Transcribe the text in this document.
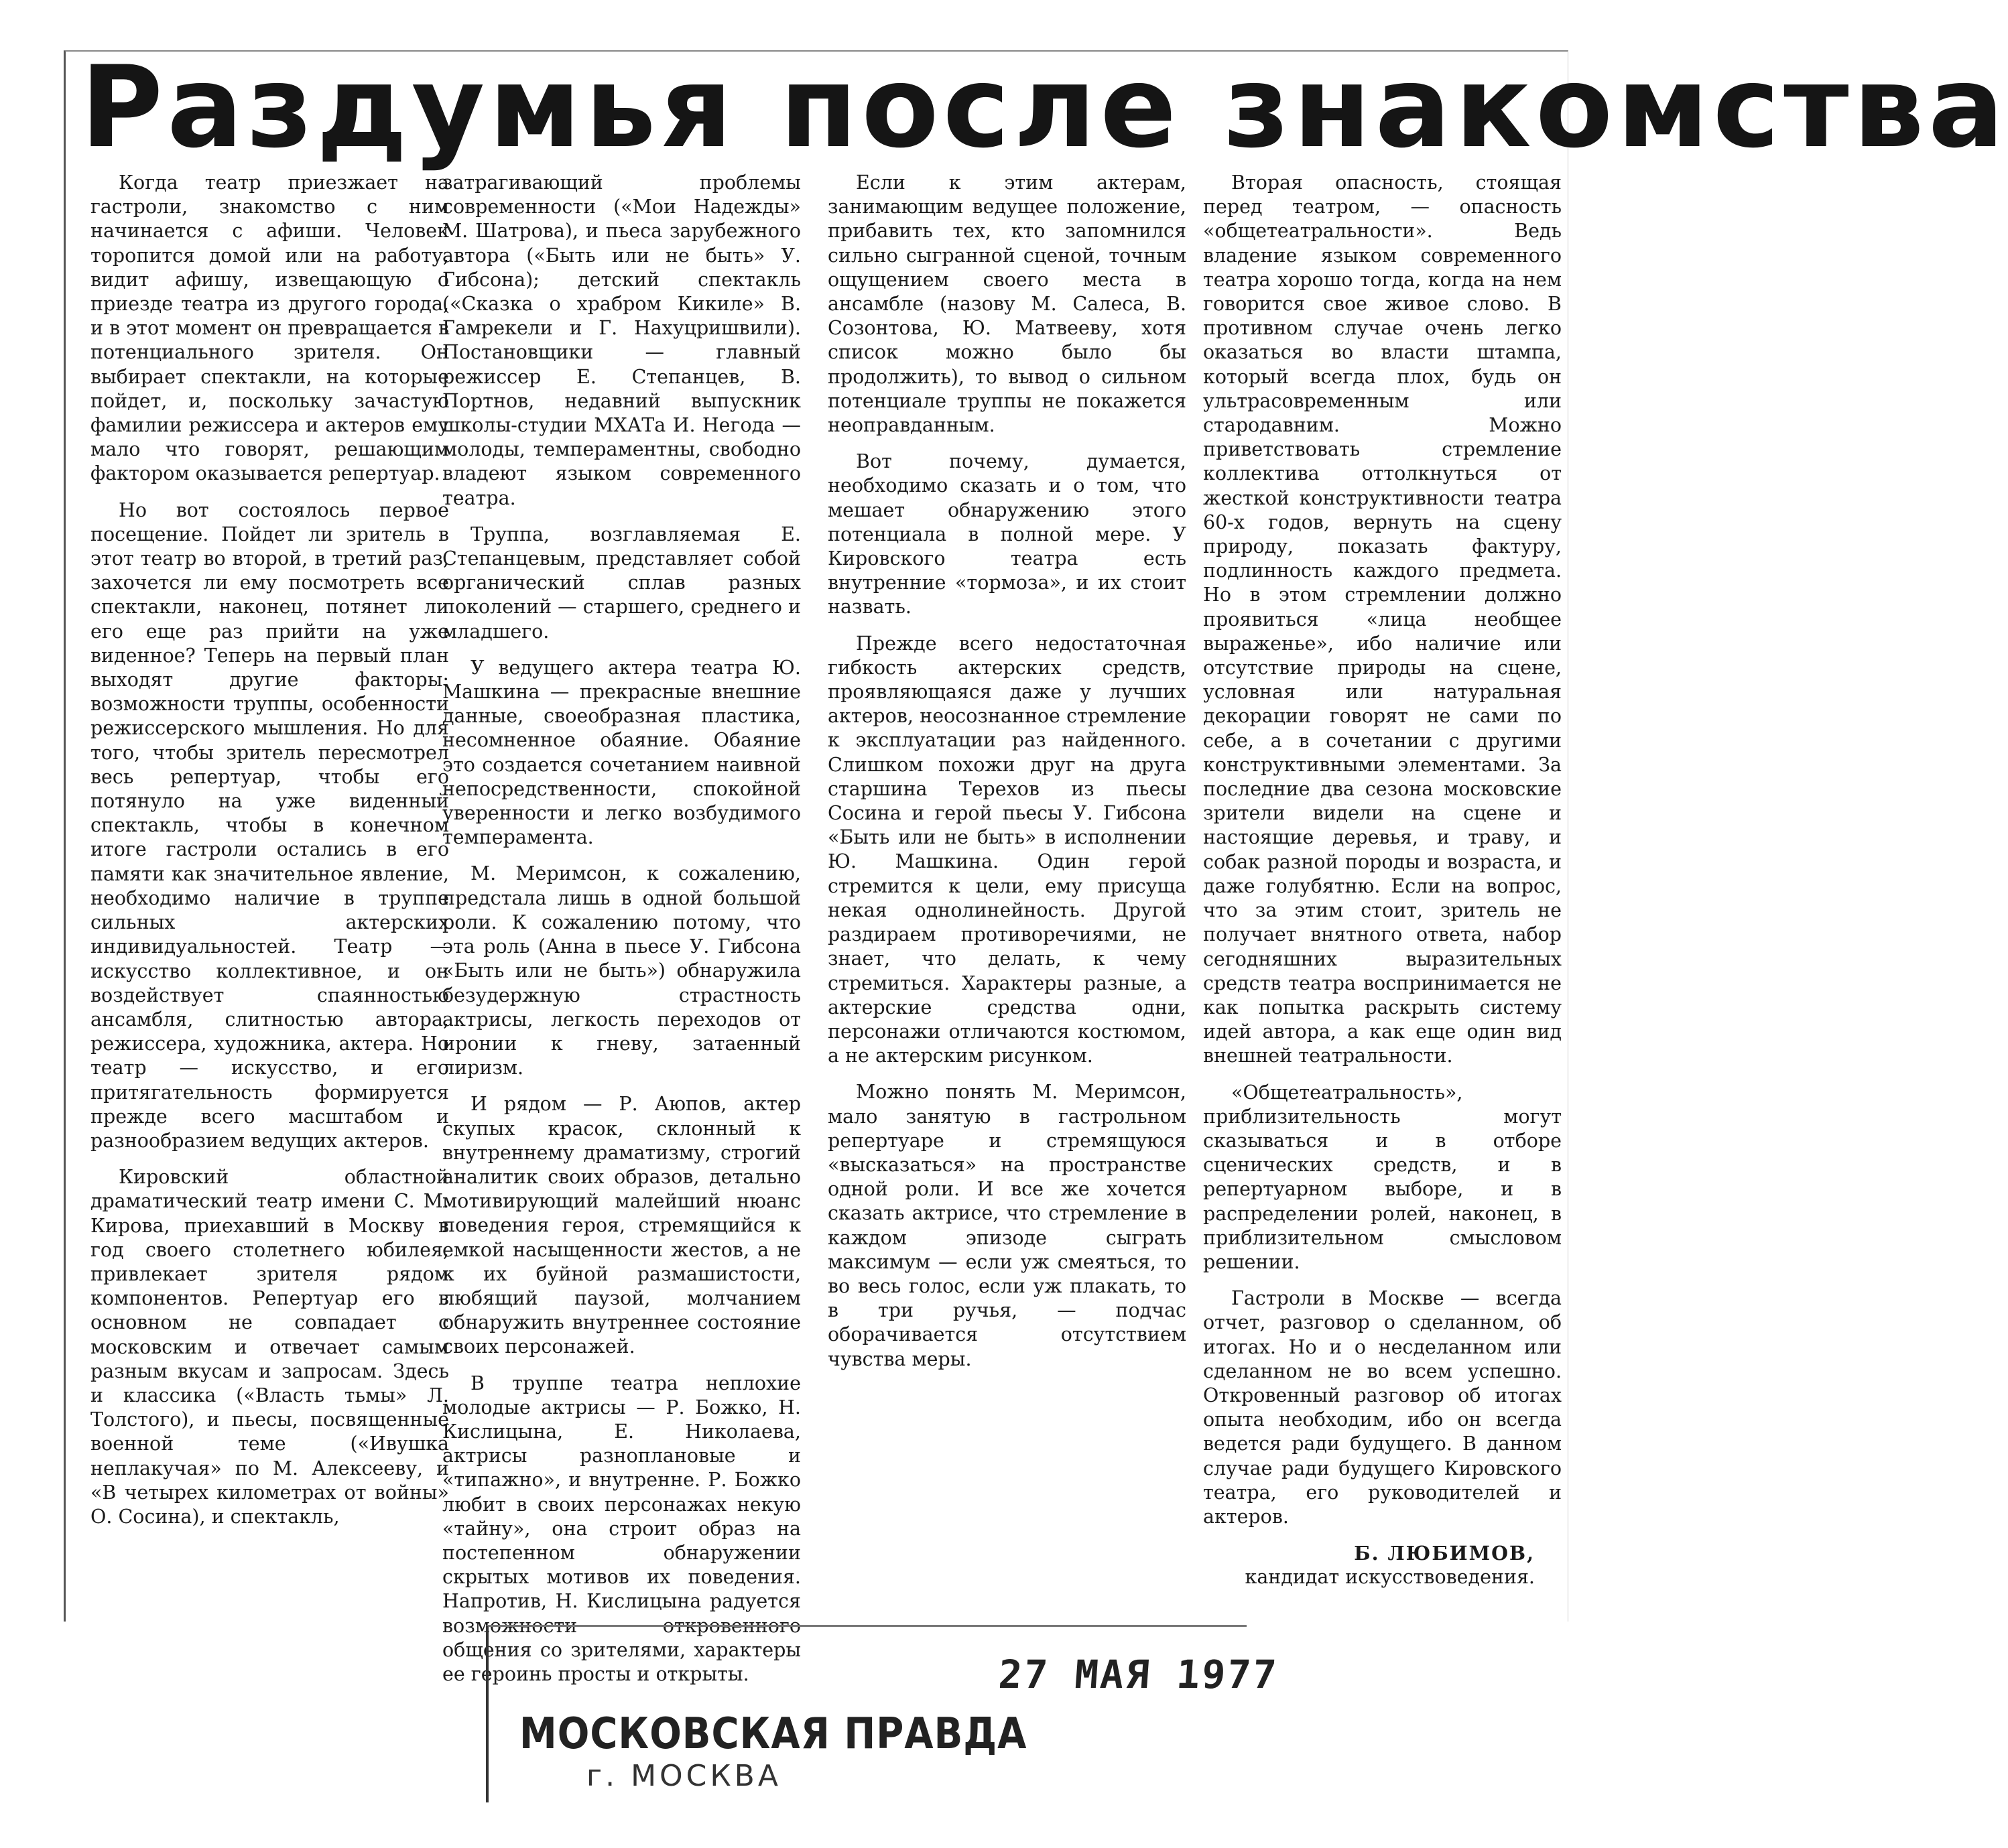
Раздумья после знакомства

Когда театр приезжает на гастроли, знакомство с ним начинается с афиши. Человек торопится домой или на работу, видит афишу, извещающую о приезде театра из другого города, и в этот момент он превращается в потенциального зрителя. Он выбирает спектакли, на которые пойдет, и, поскольку зачастую фамилии режиссера и актеров ему мало что говорят, решающим фактором оказывается репертуар.

Но вот состоялось первое посещение. Пойдет ли зритель в этот театр во второй, в третий раз, захочется ли ему посмотреть все спектакли, наконец, потянет ли его еще раз прийти на уже виденное? Теперь на первый план выходят другие факторы: возможности труппы, особенности режиссерского мышления. Но для того, чтобы зритель пересмотрел весь репертуар, чтобы его потянуло на уже виденный спектакль, чтобы в конечном итоге гастроли остались в его памяти как значительное явление, необходимо наличие в труппе сильных актерских индивидуальностей. Театр — искусство коллективное, и он воздействует спаянностью ансамбля, слитностью автора, режиссера, художника, актера. Но театр — искусство, и его притягательность формируется прежде всего масштабом и разнообразием ведущих актеров.

Кировский областной драматический театр имени С. М. Кирова, приехавший в Москву в год своего столетнего юбилея, привлекает зрителя рядом компонентов. Репертуар его в основном не совпадает с московским и отвечает самым разным вкусам и запросам. Здесь и классика («Власть тьмы» Л. Толстого), и пьесы, посвященные военной теме («Ивушка неплакучая» по М. Алексееву, и «В четырех километрах от войны» О. Сосина), и спектакль,

затрагивающий проблемы современности («Мои Надежды» М. Шатрова), и пьеса зарубежного автора («Быть или не быть» У. Гибсона); детский спектакль («Сказка о храбром Кикиле» В. Гамрекели и Г. Нахуцришвили). Постановщики — главный режиссер Е. Степанцев, В. Портнов, недавний выпускник школы-студии МХАТа И. Негода — молоды, темпераментны, свободно владеют языком современного театра.

Труппа, возглавляемая Е. Степанцевым, представляет собой органический сплав разных поколений — старшего, среднего и младшего.

У ведущего актера театра Ю. Машкина — прекрасные внешние данные, своеобразная пластика, несомненное обаяние. Обаяние это создается сочетанием наивной непосредственности, спокойной уверенности и легко возбудимого темперамента.

М. Меримсон, к сожалению, предстала лишь в одной большой роли. К сожалению потому, что эта роль (Анна в пьесе У. Гибсона «Быть или не быть») обнаружила безудержную страстность актрисы, легкость переходов от иронии к гневу, затаенный лиризм.

И рядом — Р. Аюпов, актер скупых красок, склонный к внутреннему драматизму, строгий аналитик своих образов, детально мотивирующий малейший нюанс поведения героя, стремящийся к емкой насыщенности жестов, а не к их буйной размашистости, любящий паузой, молчанием обнаружить внутреннее состояние своих персонажей.

В труппе театра неплохие молодые актрисы — Р. Божко, Н. Кислицына, Е. Николаева, актрисы разноплановые и «типажно», и внутренне. Р. Божко любит в своих персонажах некую «тайну», она строит образ на постепенном обнаружении скрытых мотивов их поведения. Напротив, Н. Кислицына радуется возможности откровенного общения со зрителями, характеры ее героинь просты и открыты.

Если к этим актерам, занимающим ведущее положение, прибавить тех, кто запомнился сильно сыгранной сценой, точным ощущением своего места в ансамбле (назову М. Салеса, В. Созонтова, Ю. Матвееву, хотя список можно было бы продолжить), то вывод о сильном потенциале труппы не покажется неоправданным.

Вот почему, думается, необходимо сказать и о том, что мешает обнаружению этого потенциала в полной мере. У Кировского театра есть внутренние «тормоза», и их стоит назвать.

Прежде всего недостаточная гибкость актерских средств, проявляющаяся даже у лучших актеров, неосознанное стремление к эксплуатации раз найденного. Слишком похожи друг на друга старшина Терехов из пьесы Сосина и герой пьесы У. Гибсона «Быть или не быть» в исполнении Ю. Машкина. Один герой стремится к цели, ему присуща некая однолинейность. Другой раздираем противоречиями, не знает, что делать, к чему стремиться. Характеры разные, а актерские средства одни, персонажи отличаются костюмом, а не актерским рисунком.

Можно понять М. Меримсон, мало занятую в гастрольном репертуаре и стремящуюся «высказаться» на пространстве одной роли. И все же хочется сказать актрисе, что стремление в каждом эпизоде сыграть максимум — если уж смеяться, то во весь голос, если уж плакать, то в три ручья, — подчас оборачивается отсутствием чувства меры.

Вторая опасность, стоящая перед театром, — опасность «общетеатральности». Ведь владение языком современного театра хорошо тогда, когда на нем говорится свое живое слово. В противном случае очень легко оказаться во власти штампа, который всегда плох, будь он ультрасовременным или стародавним. Можно приветствовать стремление коллектива оттолкнуться от жесткой конструктивности театра 60-х годов, вернуть на сцену природу, показать фактуру, подлинность каждого предмета. Но в этом стремлении должно проявиться «лица необщее выраженье», ибо наличие или отсутствие природы на сцене, условная или натуральная декорации говорят не сами по себе, а в сочетании с другими конструктивными элементами. За последние два сезона московские зрители видели на сцене и настоящие деревья, и траву, и собак разной породы и возраста, и даже голубятню. Если на вопрос, что за этим стоит, зритель не получает внятного ответа, набор сегодняшних выразительных средств театра воспринимается не как попытка раскрыть систему идей автора, а как еще один вид внешней театральности.

«Общетеатральность», приблизительность могут сказываться и в отборе сценических средств, и в репертуарном выборе, и в распределении ролей, наконец, в приблизительном смысловом решении.

Гастроли в Москве — всегда отчет, разговор о сделанном, об итогах. Но и о несделанном или сделанном не во всем успешно. Откровенный разговор об итогах опыта необходим, ибо он всегда ведется ради будущего. В данном случае ради будущего Кировского театра, его руководителей и актеров.

Б. ЛЮБИМОВ,
кандидат искусствоведения.
27 МАЯ 1977
МОСКОВСКАЯ ПРАВДА
г. МОСКВА
